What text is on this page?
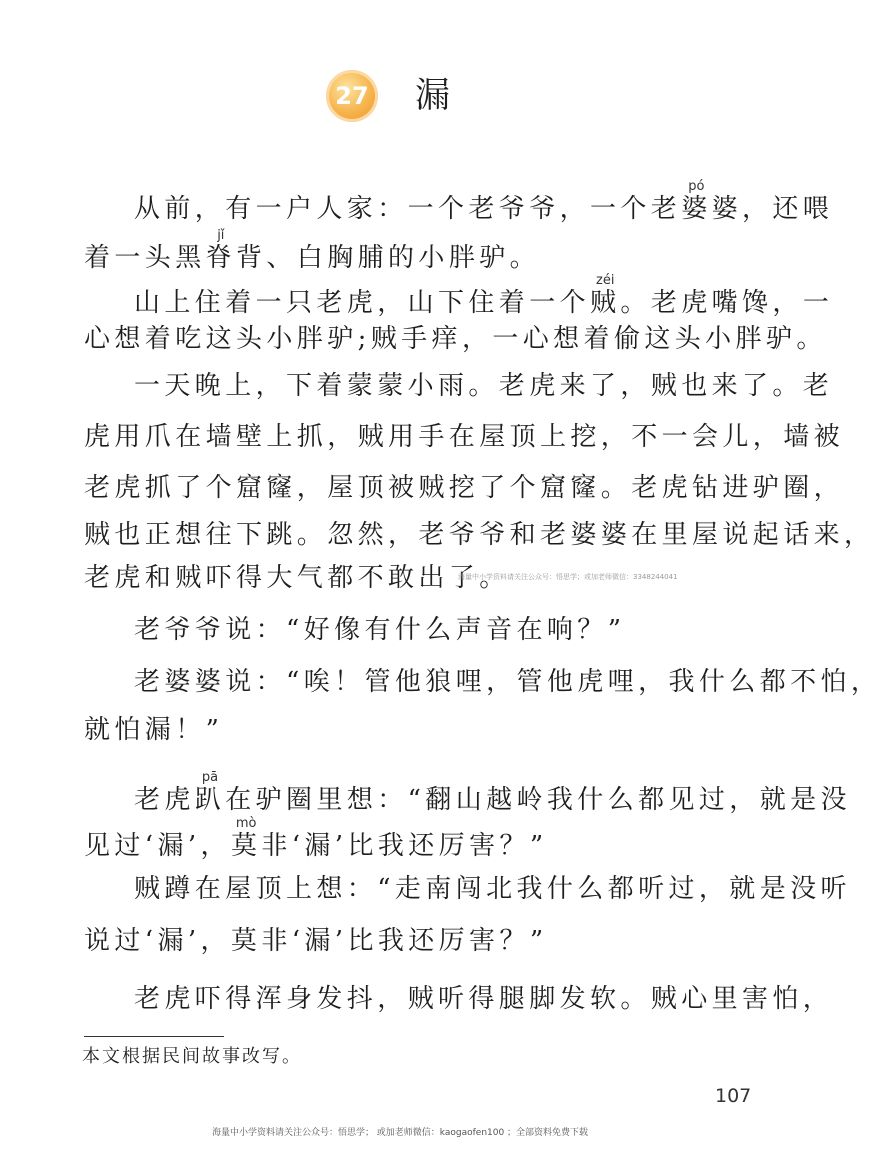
27 漏
从前，有一户人家：一个老爷爷，一个老婆pó婆，还喂
着一头黑脊jǐ背、白胸脯的小胖驴。
山上住着一只老虎，山下住着一个贼zéi。老虎嘴馋，一
心想着吃这头小胖驴;贼手痒，一心想着偷这头小胖驴。
一天晚上，下着蒙蒙小雨。老虎来了，贼也来了。老
虎用爪在墙壁上抓，贼用手在屋顶上挖，不一会儿，墙被
老虎抓了个窟窿，屋顶被贼挖了个窟窿。老虎钻进驴圈，
贼也正想往下跳。忽然，老爷爷和老婆婆在里屋说起话来，
老虎和贼吓得大气都不敢出了。
老爷爷说：“好像有什么声音在响？”
老婆婆说：“唉！管他狼哩，管他虎哩，我什么都不怕，
就怕漏！”
老虎趴pā在驴圈里想：“翻山越岭我什么都见过，就是没
见过‘漏’，莫mò非‘漏’比我还厉害？”
贼蹲在屋顶上想：“走南闯北我什么都听过，就是没听
说过‘漏’，莫非‘漏’比我还厉害？”
老虎吓得浑身发抖，贼听得腿脚发软。贼心里害怕，
海量中小学资料请关注公众号：悟思学；或加老师微信：3348244041
本文根据民间故事改写。
107
海量中小学资料请关注公众号：悟思学； 或加老师微信：kaogaofen100 ；全部资料免费下载
